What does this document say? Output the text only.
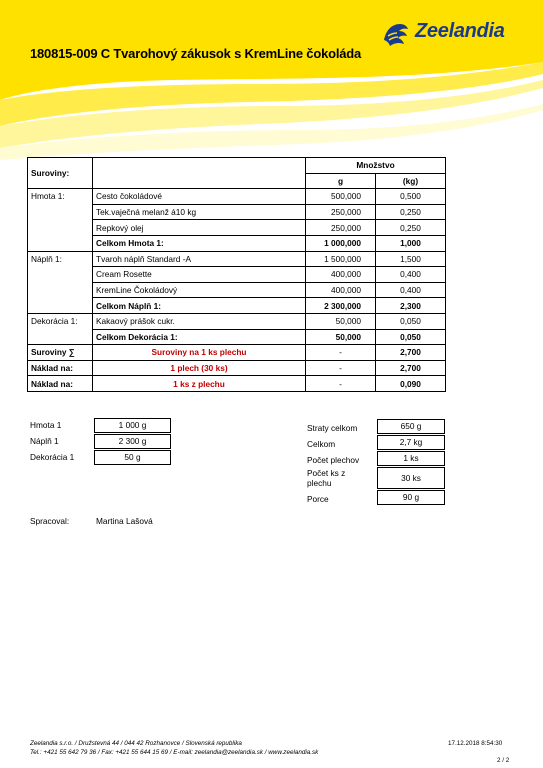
Zeelandia
180815-009 C Tvarohový zákusok s KremLine čokoláda
Suroviny:		Množstvo	
		g	(kg)
Hmota 1:	Cesto čokoládové	500,000	0,500
	Tek.vaječná melanž á10 kg	250,000	0,250
	Repkový olej	250,000	0,250
	Celkom Hmota 1:	1 000,000	1,000
Náplň 1:	Tvaroh náplň Standard -A	1 500,000	1,500
	Cream Rosette	400,000	0,400
	KremLine Čokoládový	400,000	0,400
	Celkom Náplň 1:	2 300,000	2,300
Dekorácia 1:	Kakaový prášok cukr.	50,000	0,050
	Celkom Dekorácia 1:	50,000	0,050
Suroviny ∑	Suroviny na 1 ks plechu	-	2,700
Náklad na:	1 plech (30 ks)	-	2,700
Náklad na:	1 ks z plechu	-	0,090
Hmota 1	1 000 g
Náplň 1	2 300 g
Dekorácia 1	50 g
Straty celkom	650 g
Celkom	2,7 kg
Počet plechov	1 ks
Počet ks z
plechu	30 ks
Porce	90 g
Spracoval:	Martina Lašová
Zeelandia s.r.o. / Družstevná 44 / 044 42 Rozhanovce / Slovenská republika
Tel.: +421 55 642 79 36 / Fax: +421 55 644 15 69 / E-mail: zeelandia@zeelandia.sk / www.zeelandia.sk
17.12.2018 8:54:30
2 / 2
